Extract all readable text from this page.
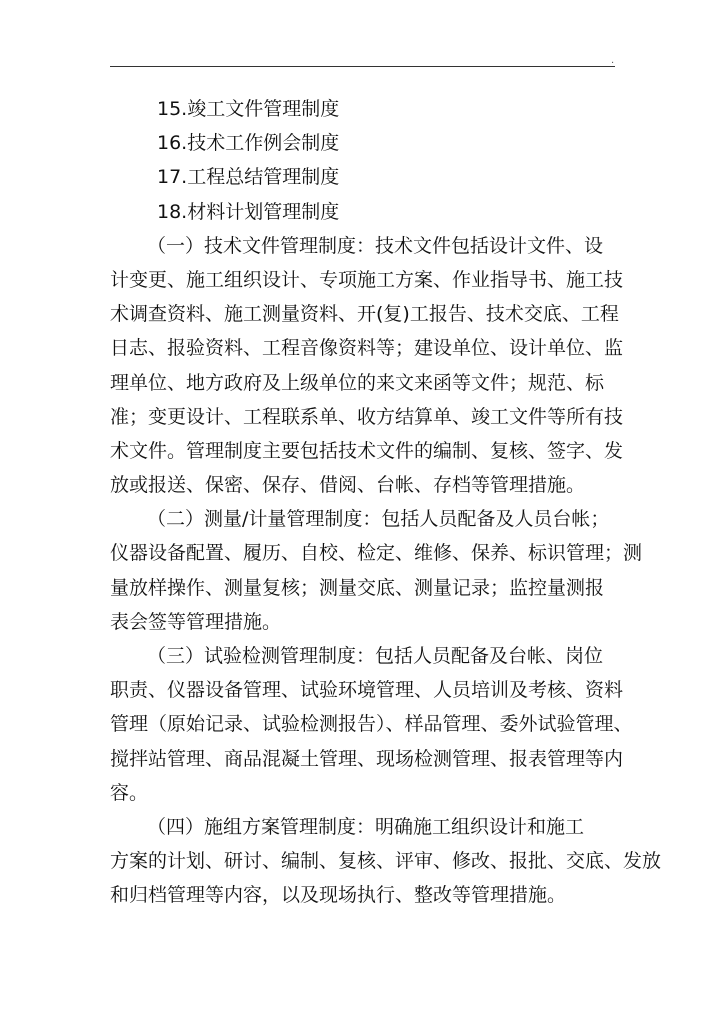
.
15.竣工文件管理制度
16.技术工作例会制度
17.工程总结管理制度
18.材料计划管理制度
（一）技术文件管理制度：技术文件包括设计文件、设
计变更、施工组织设计、专项施工方案、作业指导书、施工技
术调查资料、施工测量资料、开(复)工报告、技术交底、工程
日志、报验资料、工程音像资料等；建设单位、设计单位、监
理单位、地方政府及上级单位的来文来函等文件；规范、标
准；变更设计、工程联系单、收方结算单、竣工文件等所有技
术文件。管理制度主要包括技术文件的编制、复核、签字、发
放或报送、保密、保存、借阅、台帐、存档等管理措施。
（二）测量/计量管理制度：包括人员配备及人员台帐；
仪器设备配置、履历、自校、检定、维修、保养、标识管理；测
量放样操作、测量复核；测量交底、测量记录；监控量测报
表会签等管理措施。
（三）试验检测管理制度：包括人员配备及台帐、岗位
职责、仪器设备管理、试验环境管理、人员培训及考核、资料
管理（原始记录、试验检测报告）、样品管理、委外试验管理、
搅拌站管理、商品混凝土管理、现场检测管理、报表管理等内
容。
（四）施组方案管理制度：明确施工组织设计和施工
方案的计划、研讨、编制、复核、评审、修改、报批、交底、发放
和归档管理等内容，以及现场执行、整改等管理措施。
